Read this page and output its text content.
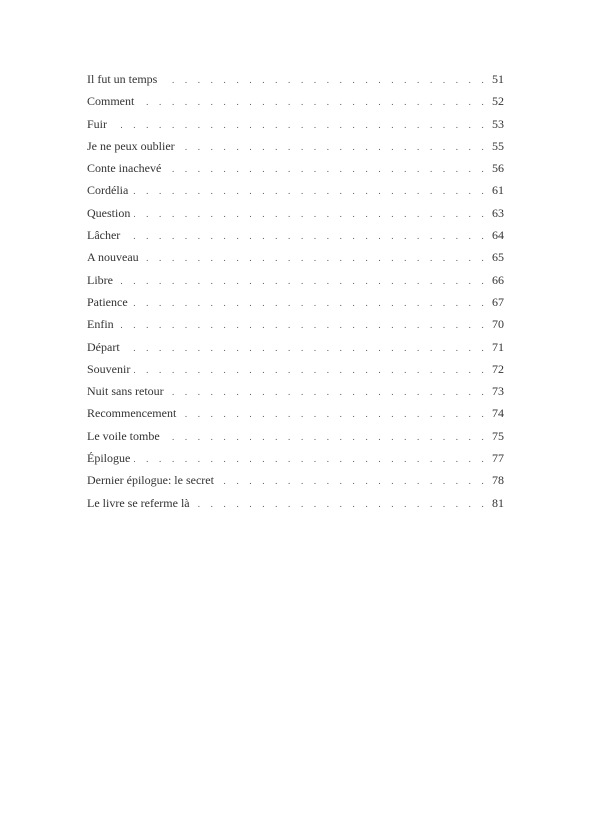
Il fut un temps . . .	51
Comment . . .	52
Fuir . . .	53
Je ne peux oublier . . .	55
Conte inachevé . . .	56
Cordélia . . .	61
Question . . .	63
Lâcher . . .	64
A nouveau . . .	65
Libre . . .	66
Patience . . .	67
Enfin . . .	70
Départ . . .	71
Souvenir . . .	72
Nuit sans retour . . .	73
Recommencement . . .	74
Le voile tombe . . .	75
Épilogue . . .	77
Dernier épilogue: le secret . . .	78
Le livre se referme là . . .	81
